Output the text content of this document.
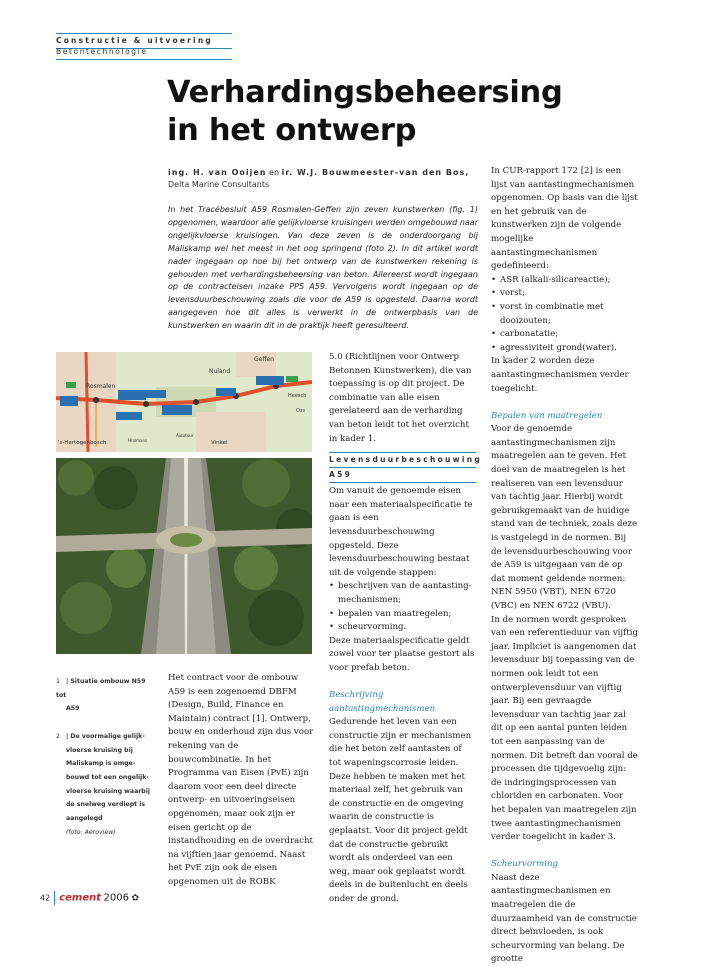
Constructie & uitvoering
Betontechnologie
Verhardingsbeheersing
in het ontwerp
ing. H. van Ooijen en ir. W.J. Bouwmeester-van den Bos, Delta Marine Consultants
In het Tracébesluit A59 Rosmalen-Geffen zijn zeven kunstwerken (fig. 1) opgenomen, waardoor alle gelijkvloerse kruisingen werden omgebouwd naar ongelijkvloerse kruisingen. Van deze zeven is de onderdoorgang bij Maliskamp wel het meest in het oog springend (foto 2). In dit artikel wordt nader ingegaan op hoe bij het ontwerp van de kunstwerken rekening is gehouden met verhardingsbeheersing van beton. Allereerst wordt ingegaan op de contracteisen inzake PPS A59. Vervolgens wordt ingegaan op de levensduurbeschouwing zoals die voor de A59 is opgesteld. Daarna wordt aangegeven hoe dit alles is verwerkt in de ontwerpbasis van de kunstwerken en waarin dit in de praktijk heeft geresulteerd.
Geffen
Nuland
Rosmalen
Heesch
Oss
's-Hertogenbosch	Vinkel
Autotour
Hrolmans
1 | Situatie ombouw N59 tot
A59
2 | De voormalige gelijk-
vloerse kruising bij
Maliskamp is omge-
bouwd tot een ongelijk-
vloerse kruising waarbij
de snelweg verdiept is
aangelegd
(foto: Aeroview)

Het contract voor de ombouw A59 is een zogenoemd DBFM (Design, Build, Finance en Maintain) contract [1]. Ontwerp, bouw en onderhoud zijn dus voor rekening van de bouwcombinatie. In het Programma van Eisen (PvE) zijn daarom voor een deel directe ontwerp- en uitvoeringseisen opgenomen, maar ook zijn er eisen gericht op de instandhouding en de overdracht na vijftien jaar genoemd. Naast het PvE zijn ook de eisen opgenomen uit de ROBK

5.0 (Richtlijnen voor Ontwerp Betonnen Kunstwerken), die van toepassing is op dit project. De combinatie van alle eisen gerelateerd aan de verharding van beton leidt tot het overzicht in kader 1.

Levensduurbeschouwing
A59

Om vanuit de genoemde eisen naar een materiaalspecificatie te gaan is een levensduurbeschouwing opgesteld. Deze levensduurbeschouwing bestaat uit de volgende stappen:

• beschrijven van de aantasting-mechanismen;
• bepalen van maatregelen;
• scheurvorming.

Deze materiaalspecificatie geldt zowel voor ter plaatse gestort als voor prefab beton.

Beschrijving aantastingmechanismen

Gedurende het leven van een constructie zijn er mechanismen die het beton zelf aantasten of tot wapeningscorrosie leiden. Deze hebben te maken met het materiaal zelf, het gebruik van de constructie en de omgeving waarin de constructie is geplaatst. Voor dit project geldt dat de constructie gebruikt wordt als onderdeel van een weg, maar ook geplaatst wordt deels in de buitenlucht en deels onder de grond.

In CUR-rapport 172 [2] is een lijst van aantastingmechanismen opgenomen. Op basis van die lijst en het gebruik van de kunstwerken zijn de volgende mogelijke aantastingmechanismen gedefinieerd:

• ASR (alkali-silicareactie);
• vorst;
• vorst in combinatie met dooizouten;
• carbonatatie;
• agressiviteit grond(water).

In kader 2 worden deze aantastingmechanismen verder toegelicht.

Bepalen van maatregelen

Voor de genoemde aantastingmechanismen zijn maatregelen aan te geven. Het doel van de maatregelen is het realiseren van een levensduur van tachtig jaar. Hierbij wordt gebruikgemaakt van de huidige stand van de techniek, zoals deze is vastgelegd in de normen. Bij de levensduurbeschouwing voor de A59 is uitgegaan van de op dat moment geldende normen: NEN 5950 (VBT), NEN 6720 (VBC) en NEN 6722 (VBU).

In de normen wordt gesproken van een referentieduur van vijftig jaar. Impliciet is aangenomen dat levensduur bij toepassing van de normen ook leidt tot een ontwerplevensduur van vijftig jaar. Bij een gevraagde levensduur van tachtig jaar zal dit op een aantal punten leiden tot een aanpassing van de normen. Dit betreft dan vooral de processen die tijdgevoelig zijn: de indringingsprocessen van chloriden en carbonaten. Voor het bepalen van maatregelen zijn twee aantastingmechanismen verder toegelicht in kader 3.

Scheurvorming

Naast deze aantastingmechanismen en maatregelen die de duurzaamheid van de constructie direct beïnvloeden, is ook scheurvorming van belang. De grootte

42 cement 2006 ✿
